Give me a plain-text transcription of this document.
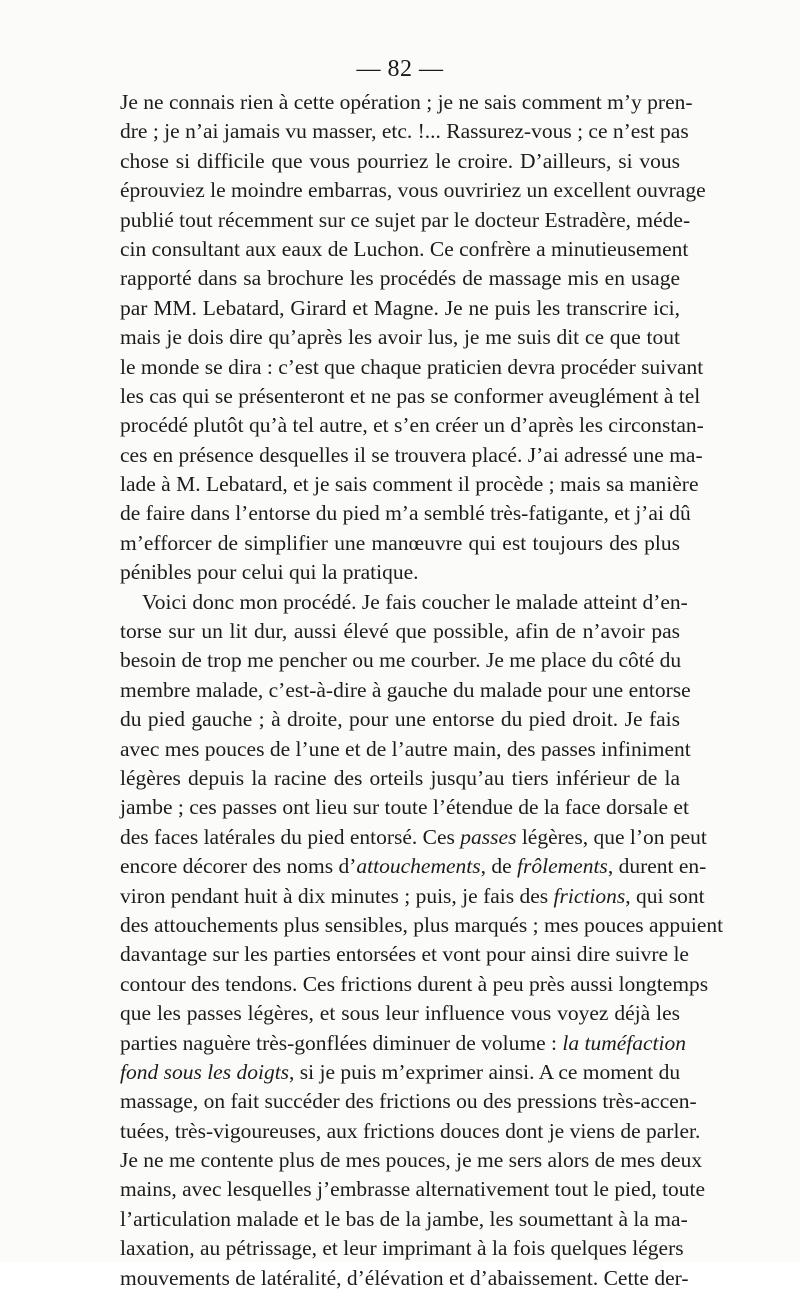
— 82 —
Je ne connais rien à cette opération ; je ne sais comment m’y pren-
dre ; je n’ai jamais vu masser, etc. !... Rassurez-vous ; ce n’est pas
chose si difficile que vous pourriez le croire. D’ailleurs, si vous
éprouviez le moindre embarras, vous ouvririez un excellent ouvrage
publié tout récemment sur ce sujet par le docteur Estradère, méde-
cin consultant aux eaux de Luchon. Ce confrère a minutieusement
rapporté dans sa brochure les procédés de massage mis en usage
par MM. Lebatard, Girard et Magne. Je ne puis les transcrire ici,
mais je dois dire qu’après les avoir lus, je me suis dit ce que tout
le monde se dira : c’est que chaque praticien devra procéder suivant
les cas qui se présenteront et ne pas se conformer aveuglément à tel
procédé plutôt qu’à tel autre, et s’en créer un d’après les circonstan-
ces en présence desquelles il se trouvera placé. J’ai adressé une ma-
lade à M. Lebatard, et je sais comment il procède ; mais sa manière
de faire dans l’entorse du pied m’a semblé très-fatigante, et j’ai dû
m’efforcer de simplifier une manœuvre qui est toujours des plus
pénibles pour celui qui la pratique.
Voici donc mon procédé. Je fais coucher le malade atteint d’en-
torse sur un lit dur, aussi élevé que possible, afin de n’avoir pas
besoin de trop me pencher ou me courber. Je me place du côté du
membre malade, c’est-à-dire à gauche du malade pour une entorse
du pied gauche ; à droite, pour une entorse du pied droit. Je fais
avec mes pouces de l’une et de l’autre main, des passes infiniment
légères depuis la racine des orteils jusqu’au tiers inférieur de la
jambe ; ces passes ont lieu sur toute l’étendue de la face dorsale et
des faces latérales du pied entorsé. Ces passes légères, que l’on peut
encore décorer des noms d’attouchements, de frôlements, durent en-
viron pendant huit à dix minutes ; puis, je fais des frictions, qui sont
des attouchements plus sensibles, plus marqués ; mes pouces appuient
davantage sur les parties entorsées et vont pour ainsi dire suivre le
contour des tendons. Ces frictions durent à peu près aussi longtemps
que les passes légères, et sous leur influence vous voyez déjà les
parties naguère très-gonflées diminuer de volume : la tuméfaction
fond sous les doigts, si je puis m’exprimer ainsi. A ce moment du
massage, on fait succéder des frictions ou des pressions très-accen-
tuées, très-vigoureuses, aux frictions douces dont je viens de parler.
Je ne me contente plus de mes pouces, je me sers alors de mes deux
mains, avec lesquelles j’embrasse alternativement tout le pied, toute
l’articulation malade et le bas de la jambe, les soumettant à la ma-
laxation, au pétrissage, et leur imprimant à la fois quelques légers
mouvements de latéralité, d’élévation et d’abaissement. Cette der-
